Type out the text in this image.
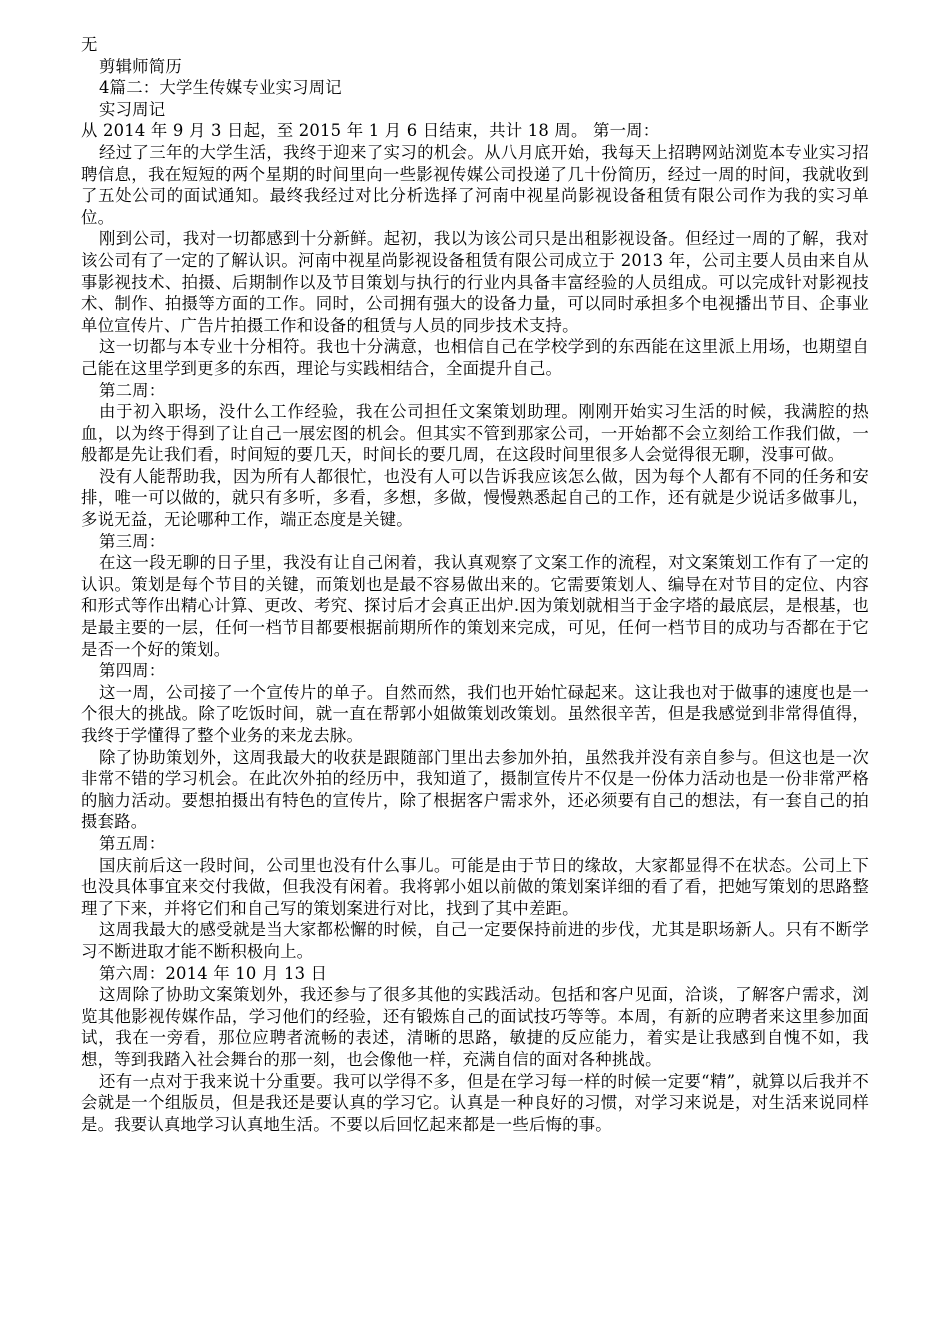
无
剪辑师简历
4篇二：大学生传媒专业实习周记
实习周记
从 2014 年 9 月 3 日起，至 2015 年 1 月 6 日结束，共计 18 周。 第一周：
经过了三年的大学生活，我终于迎来了实习的机会。从八月底开始，我每天上招聘网站浏览本专业实习招聘信息，我在短短的两个星期的时间里向一些影视传媒公司投递了几十份简历，经过一周的时间，我就收到了五处公司的面试通知。最终我经过对比分析选择了河南中视星尚影视设备租赁有限公司作为我的实习单位。
刚到公司，我对一切都感到十分新鲜。起初，我以为该公司只是出租影视设备。但经过一周的了解，我对该公司有了一定的了解认识。河南中视星尚影视设备租赁有限公司成立于 2013 年，公司主要人员由来自从事影视技术、拍摄、后期制作以及节目策划与执行的行业内具备丰富经验的人员组成。可以完成针对影视技术、制作、拍摄等方面的工作。同时，公司拥有强大的设备力量，可以同时承担多个电视播出节目、企事业单位宣传片、广告片拍摄工作和设备的租赁与人员的同步技术支持。
这一切都与本专业十分相符。我也十分满意，也相信自己在学校学到的东西能在这里派上用场，也期望自己能在这里学到更多的东西，理论与实践相结合，全面提升自己。
第二周：
由于初入职场，没什么工作经验，我在公司担任文案策划助理。刚刚开始实习生活的时候，我满腔的热血，以为终于得到了让自己一展宏图的机会。但其实不管到那家公司，一开始都不会立刻给工作我们做，一般都是先让我们看，时间短的要几天，时间长的要几周，在这段时间里很多人会觉得很无聊，没事可做。
没有人能帮助我，因为所有人都很忙，也没有人可以告诉我应该怎么做，因为每个人都有不同的任务和安排，唯一可以做的，就只有多听，多看，多想，多做，慢慢熟悉起自己的工作，还有就是少说话多做事儿，多说无益，无论哪种工作，端正态度是关键。
第三周：
在这一段无聊的日子里，我没有让自己闲着，我认真观察了文案工作的流程，对文案策划工作有了一定的认识。策划是每个节目的关键，而策划也是最不容易做出来的。它需要策划人、编导在对节目的定位、内容和形式等作出精心计算、更改、考究、探讨后才会真正出炉.因为策划就相当于金字塔的最底层，是根基，也是最主要的一层，任何一档节目都要根据前期所作的策划来完成，可见，任何一档节目的成功与否都在于它是否一个好的策划。
第四周：
这一周，公司接了一个宣传片的单子。自然而然，我们也开始忙碌起来。这让我也对于做事的速度也是一个很大的挑战。除了吃饭时间，就一直在帮郭小姐做策划改策划。虽然很辛苦，但是我感觉到非常得值得，我终于学懂得了整个业务的来龙去脉。
除了协助策划外，这周我最大的收获是跟随部门里出去参加外拍，虽然我并没有亲自参与。但这也是一次非常不错的学习机会。在此次外拍的经历中，我知道了，摄制宣传片不仅是一份体力活动也是一份非常严格的脑力活动。要想拍摄出有特色的宣传片，除了根据客户需求外，还必须要有自己的想法，有一套自己的拍摄套路。
第五周：
国庆前后这一段时间，公司里也没有什么事儿。可能是由于节日的缘故，大家都显得不在状态。公司上下也没具体事宜来交付我做，但我没有闲着。我将郭小姐以前做的策划案详细的看了看，把她写策划的思路整理了下来，并将它们和自己写的策划案进行对比，找到了其中差距。
这周我最大的感受就是当大家都松懈的时候，自己一定要保持前进的步伐，尤其是职场新人。只有不断学习不断进取才能不断积极向上。
第六周：2014 年 10 月 13 日
这周除了协助文案策划外，我还参与了很多其他的实践活动。包括和客户见面，洽谈，了解客户需求，浏览其他影视传媒作品，学习他们的经验，还有锻炼自己的面试技巧等等。本周，有新的应聘者来这里参加面试，我在一旁看，那位应聘者流畅的表述，清晰的思路，敏捷的反应能力，着实是让我感到自愧不如，我想，等到我踏入社会舞台的那一刻，也会像他一样，充满自信的面对各种挑战。
还有一点对于我来说十分重要。我可以学得不多，但是在学习每一样的时候一定要“精”，就算以后我并不会就是一个组版员，但是我还是要认真的学习它。认真是一种良好的习惯，对学习来说是，对生活来说同样是。我要认真地学习认真地生活。不要以后回忆起来都是一些后悔的事。
